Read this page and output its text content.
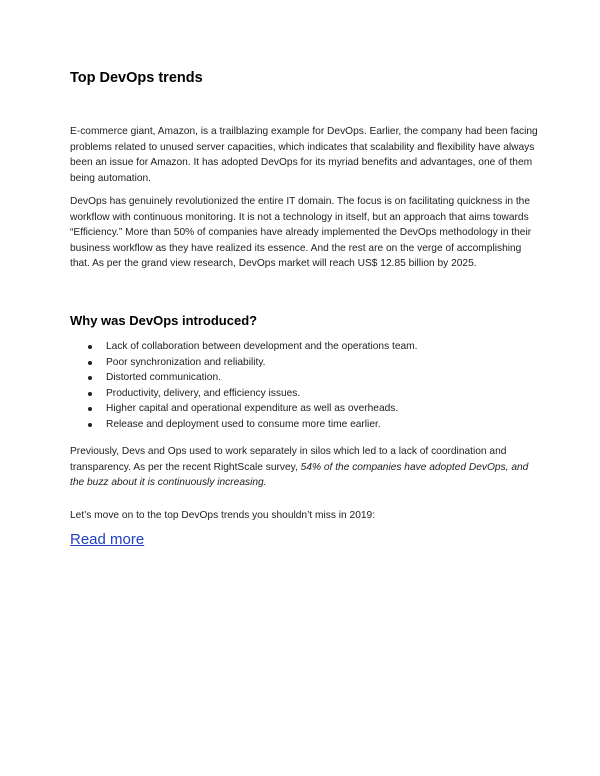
Top DevOps trends

E-commerce giant, Amazon, is a trailblazing example for DevOps. Earlier, the company had been facing problems related to unused server capacities, which indicates that scalability and flexibility have always been an issue for Amazon. It has adopted DevOps for its myriad benefits and advantages, one of them being automation.

DevOps has genuinely revolutionized the entire IT domain. The focus is on facilitating quickness in the workflow with continuous monitoring. It is not a technology in itself, but an approach that aims towards “Efficiency.” More than 50% of companies have already implemented the DevOps methodology in their business workflow as they have realized its essence. And the rest are on the verge of accomplishing that. As per the grand view research, DevOps market will reach US$ 12.85 billion by 2025.

Why was DevOps introduced?
Lack of collaboration between development and the operations team.
Poor synchronization and reliability.
Distorted communication.
Productivity, delivery, and efficiency issues.
Higher capital and operational expenditure as well as overheads.
Release and deployment used to consume more time earlier.

Previously, Devs and Ops used to work separately in silos which led to a lack of coordination and transparency. As per the recent RightScale survey, 54% of the companies have adopted DevOps, and the buzz about it is continuously increasing.

Let’s move on to the top DevOps trends you shouldn’t miss in 2019:

Read more
